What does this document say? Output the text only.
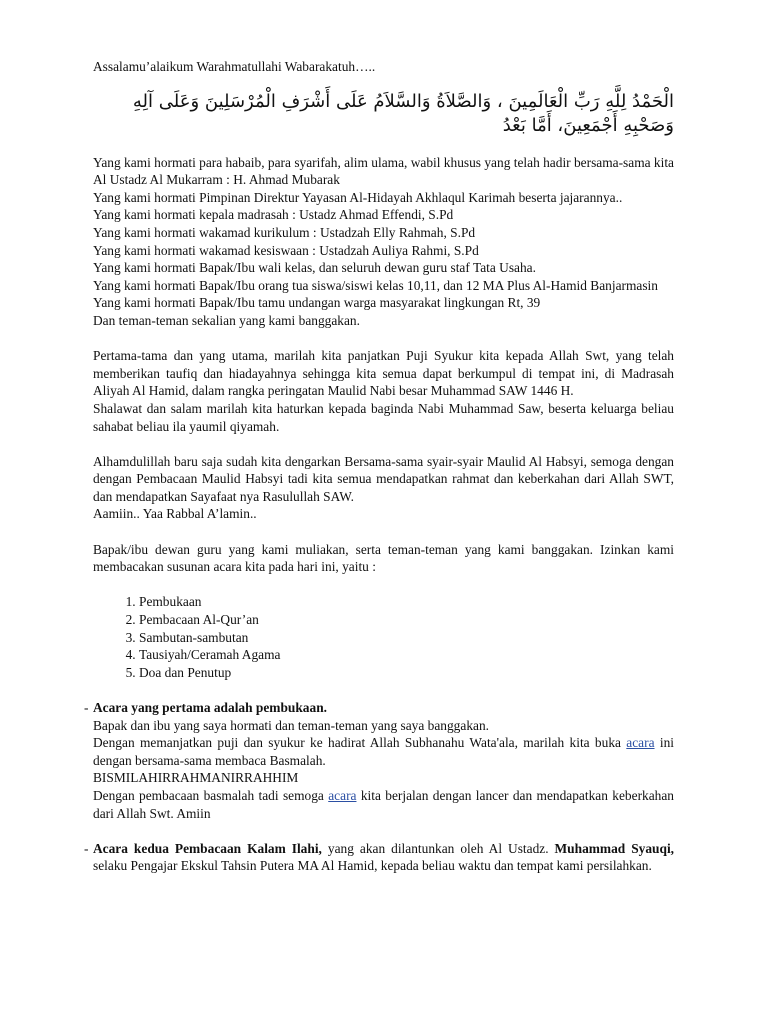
Assalamu’alaikum Warahmatullahi Wabarakatuh…..

الْحَمْدُ لِلَّهِ رَبِّ الْعَالَمِينَ ، وَالصَّلاَةُ وَالسَّلاَمُ عَلَى أَشْرَفِ الْمُرْسَلِينَ وَعَلَى آلِهِ وَصَحْبِهِ أَجْمَعِينَ، أَمَّا بَعْدُ

Yang kami hormati para habaib, para syarifah, alim ulama, wabil khusus yang telah hadir bersama-sama kita Al Ustadz Al Mukarram : H. Ahmad Mubarak

Yang kami hormati Pimpinan Direktur Yayasan Al-Hidayah Akhlaqul Karimah beserta jajarannya..

Yang kami hormati kepala madrasah : Ustadz Ahmad Effendi, S.Pd

Yang kami hormati wakamad kurikulum : Ustadzah Elly Rahmah, S.Pd

Yang kami hormati wakamad kesiswaan : Ustadzah Auliya Rahmi, S.Pd

Yang kami hormati Bapak/Ibu wali kelas, dan seluruh dewan guru staf Tata Usaha.

Yang kami hormati Bapak/Ibu orang tua siswa/siswi kelas 10,11, dan 12 MA Plus Al-Hamid Banjarmasin

Yang kami hormati Bapak/Ibu tamu undangan warga masyarakat lingkungan Rt, 39

Dan teman-teman sekalian yang kami banggakan.

Pertama-tama dan yang utama, marilah kita panjatkan Puji Syukur kita kepada Allah Swt, yang telah memberikan taufiq dan hiadayahnya sehingga kita semua dapat berkumpul di tempat ini, di Madrasah Aliyah Al Hamid, dalam rangka peringatan Maulid Nabi besar Muhammad SAW 1446 H.

Shalawat dan salam marilah kita haturkan kepada baginda Nabi Muhammad Saw, beserta keluarga beliau sahabat beliau ila yaumil qiyamah.

Alhamdulillah baru saja sudah kita dengarkan Bersama-sama syair-syair Maulid Al Habsyi, semoga dengan dengan Pembacaan Maulid Habsyi tadi kita semua mendapatkan rahmat dan keberkahan dari Allah SWT, dan mendapatkan Sayafaat nya Rasulullah SAW.

Aamiin.. Yaa Rabbal A’lamin..

Bapak/ibu dewan guru yang kami muliakan, serta teman-teman yang kami banggakan. Izinkan kami membacakan susunan acara kita pada hari ini, yaitu :

1. Pembukaan
2. Pembacaan Al-Qur’an
3. Sambutan-sambutan
4. Tausiyah/Ceramah Agama
5. Doa dan Penutup
- Acara yang pertama adalah pembukaan.

Bapak dan ibu yang saya hormati dan teman-teman yang saya banggakan.

Dengan memanjatkan puji dan syukur ke hadirat Allah Subhanahu Wata'ala, marilah kita buka acara ini dengan bersama-sama membaca Basmalah.

BISMILAHIRRAHMANIRRAHHIM

Dengan pembacaan basmalah tadi semoga acara kita berjalan dengan lancer dan mendapatkan keberkahan dari Allah Swt. Amiin

- Acara kedua Pembacaan Kalam Ilahi, yang akan dilantunkan oleh Al Ustadz. Muhammad Syauqi, selaku Pengajar Ekskul Tahsin Putera MA Al Hamid, kepada beliau waktu dan tempat kami persilahkan.
